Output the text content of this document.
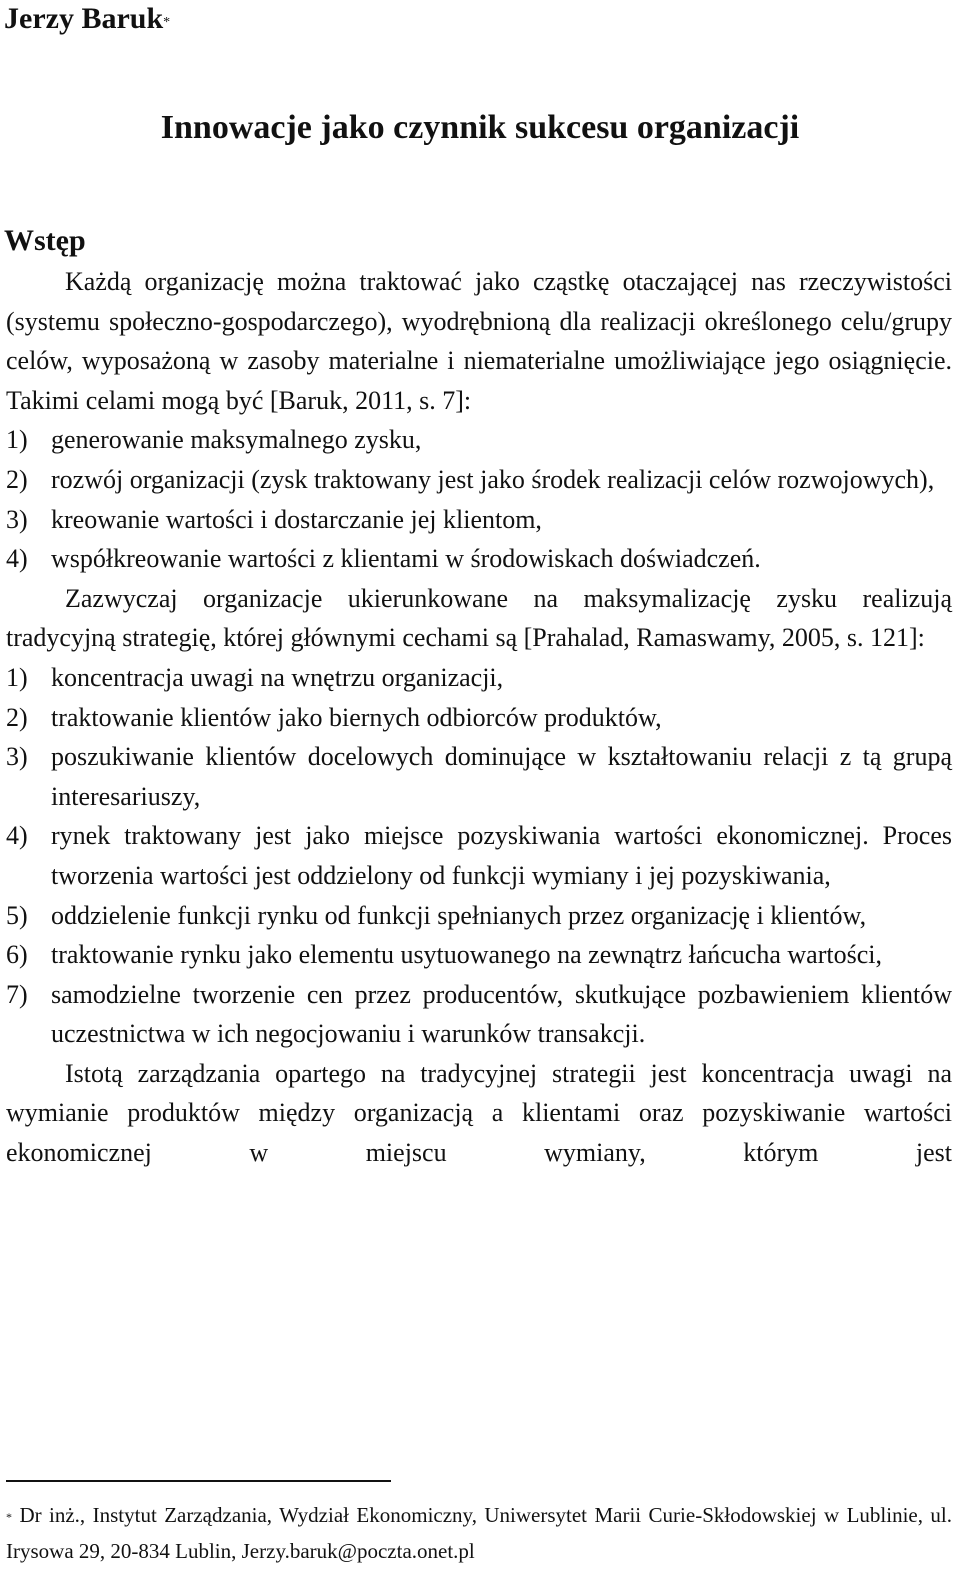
Jerzy Baruk*
Innowacje jako czynnik sukcesu organizacji
Wstęp

Każdą organizację można traktować jako cząstkę otaczającej nas rzeczywistości (systemu społeczno-gospodarczego), wyodrębnioną dla realizacji określonego celu/grupy celów, wyposażoną w zasoby materialne i niematerialne umożliwiające jego osiągnięcie. Takimi celami mogą być [Baruk, 2011, s. 7]:

1) generowanie maksymalnego zysku,
2) rozwój organizacji (zysk traktowany jest jako środek realizacji celów rozwojowych),
3) kreowanie wartości i dostarczanie jej klientom,
4) współkreowanie wartości z klientami w środowiskach doświadczeń.

Zazwyczaj organizacje ukierunkowane na maksymalizację zysku realizują tradycyjną strategię, której głównymi cechami są [Prahalad, Ramaswamy, 2005, s. 121]:

1) koncentracja uwagi na wnętrzu organizacji,
2) traktowanie klientów jako biernych odbiorców produktów,
3) poszukiwanie klientów docelowych dominujące w kształtowaniu relacji z tą grupą interesariuszy,
4) rynek traktowany jest jako miejsce pozyskiwania wartości ekonomicznej. Proces tworzenia wartości jest oddzielony od funkcji wymiany i jej pozyskiwania,
5) oddzielenie funkcji rynku od funkcji spełnianych przez organizację i klientów,
6) traktowanie rynku jako elementu usytuowanego na zewnątrz łańcucha wartości,
7) samodzielne tworzenie cen przez producentów, skutkujące pozbawieniem klientów uczestnictwa w ich negocjowaniu i warunków transakcji.

Istotą zarządzania opartego na tradycyjnej strategii jest koncentracja uwagi na wymianie produktów między organizacją a klientami oraz pozyskiwanie wartości ekonomicznej w miejscu wymiany, którym jest

* Dr inż., Instytut Zarządzania, Wydział Ekonomiczny, Uniwersytet Marii Curie-Skłodowskiej w Lublinie, ul. Irysowa 29, 20-834 Lublin, Jerzy.baruk@poczta.onet.pl
